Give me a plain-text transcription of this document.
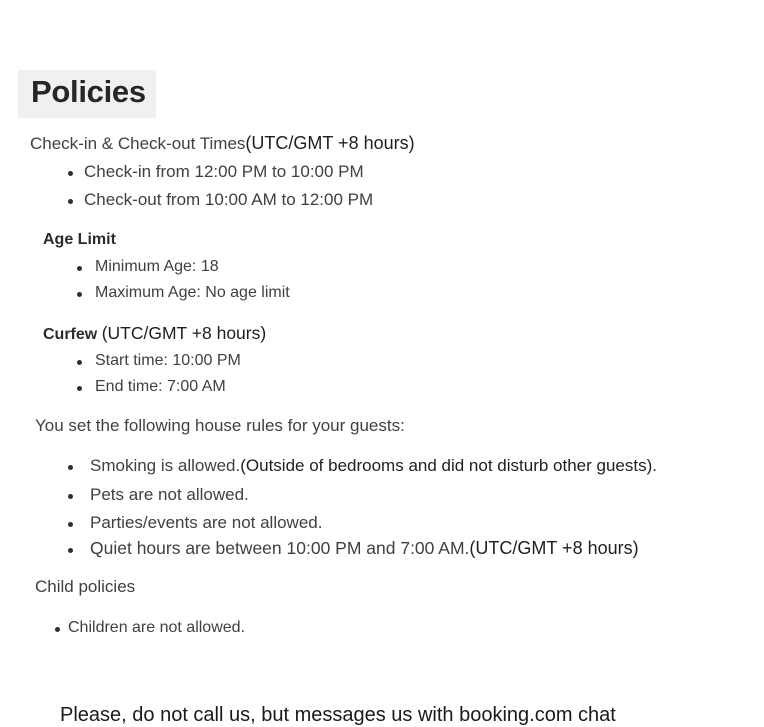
Policies
Check-in & Check-out Times(UTC/GMT +8 hours)
Check-in from 12:00 PM to 10:00 PM
Check-out from 10:00 AM to 12:00 PM
Age Limit
Minimum Age: 18
Maximum Age: No age limit
Curfew (UTC/GMT +8 hours)
Start time: 10:00 PM
End time: 7:00 AM
You set the following house rules for your guests:
Smoking is allowed.(Outside of bedrooms and did not disturb other guests).
Pets are not allowed.
Parties/events are not allowed.
Quiet hours are between 10:00 PM and 7:00 AM.(UTC/GMT +8 hours)
Child policies
Children are not allowed.
Please, do not call us, but messages us with booking.com chat
